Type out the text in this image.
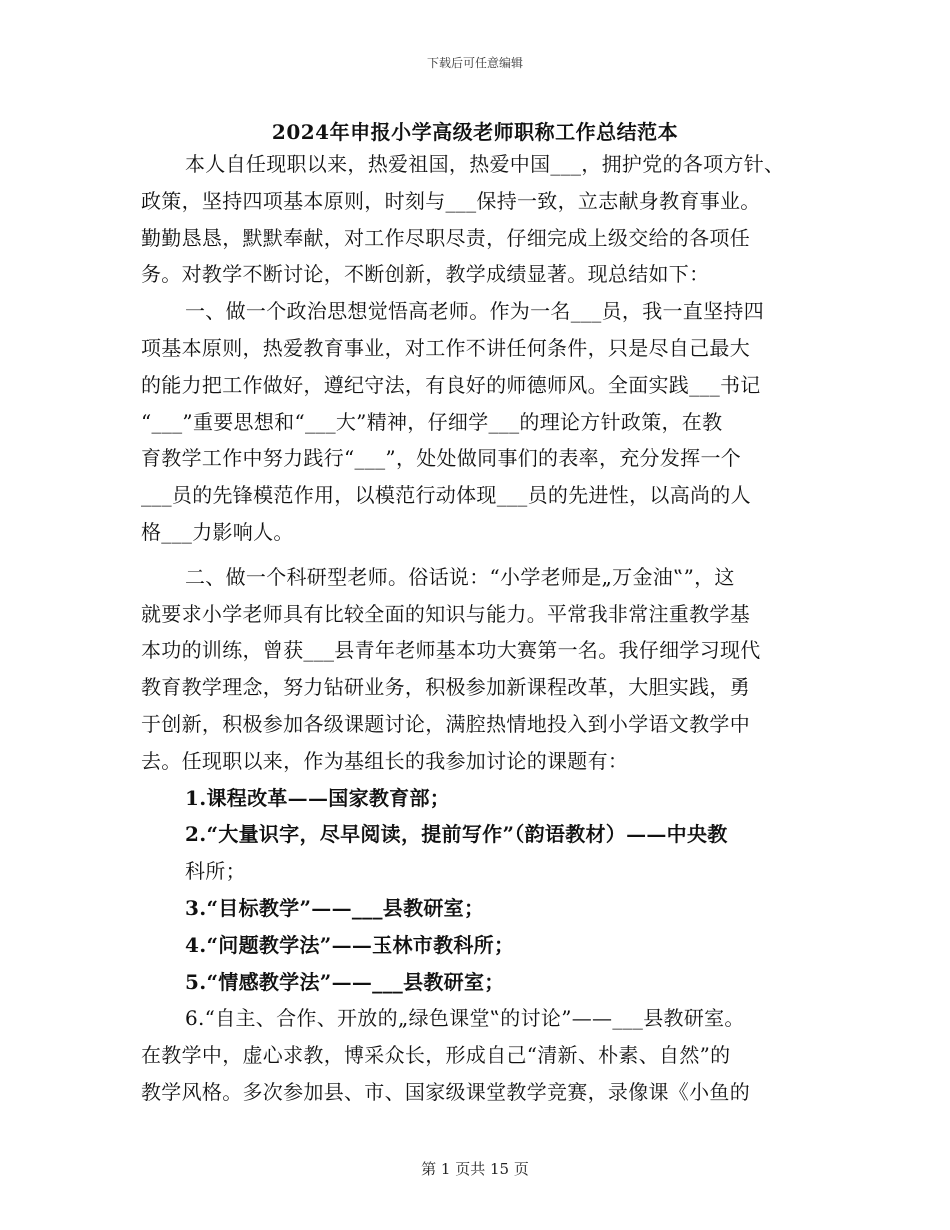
下载后可任意编辑
2024年申报小学高级老师职称工作总结范本
本人自任现职以来，热爱祖国，热爱中国___，拥护党的各项方针、
政策，坚持四项基本原则，时刻与___保持一致，立志献身教育事业。
勤勤恳恳，默默奉献，对工作尽职尽责，仔细完成上级交给的各项任
务。对教学不断讨论，不断创新，教学成绩显著。现总结如下：
一、做一个政治思想觉悟高老师。作为一名___员，我一直坚持四
项基本原则，热爱教育事业，对工作不讲任何条件，只是尽自己最大
的能力把工作做好，遵纪守法，有良好的师德师风。全面实践___书记
“___”重要思想和“___大”精神，仔细学___的理论方针政策，在教
育教学工作中努力践行“___”，处处做同事们的表率，充分发挥一个
___员的先锋模范作用，以模范行动体现___员的先进性，以高尚的人
格___力影响人。
二、做一个科研型老师。俗话说：“小学老师是„万金油‟”，这
就要求小学老师具有比较全面的知识与能力。平常我非常注重教学基
本功的训练，曾获___县青年老师基本功大赛第一名。我仔细学习现代
教育教学理念，努力钻研业务，积极参加新课程改革，大胆实践，勇
于创新，积极参加各级课题讨论，满腔热情地投入到小学语文教学中
去。任现职以来，作为基组长的我参加讨论的课题有：
1.课程改革——国家教育部；
2.“大量识字，尽早阅读，提前写作”（韵语教材）——中央教
科所；
3.“目标教学”——___县教研室；
4.“问题教学法”——玉林市教科所；
5.“情感教学法”——___县教研室；
6.“自主、合作、开放的„绿色课堂‟的讨论”——___县教研室。
在教学中，虚心求教，博采众长，形成自己“清新、朴素、自然”的
教学风格。多次参加县、市、国家级课堂教学竞赛，录像课《小鱼的
第 1 页共 15 页
